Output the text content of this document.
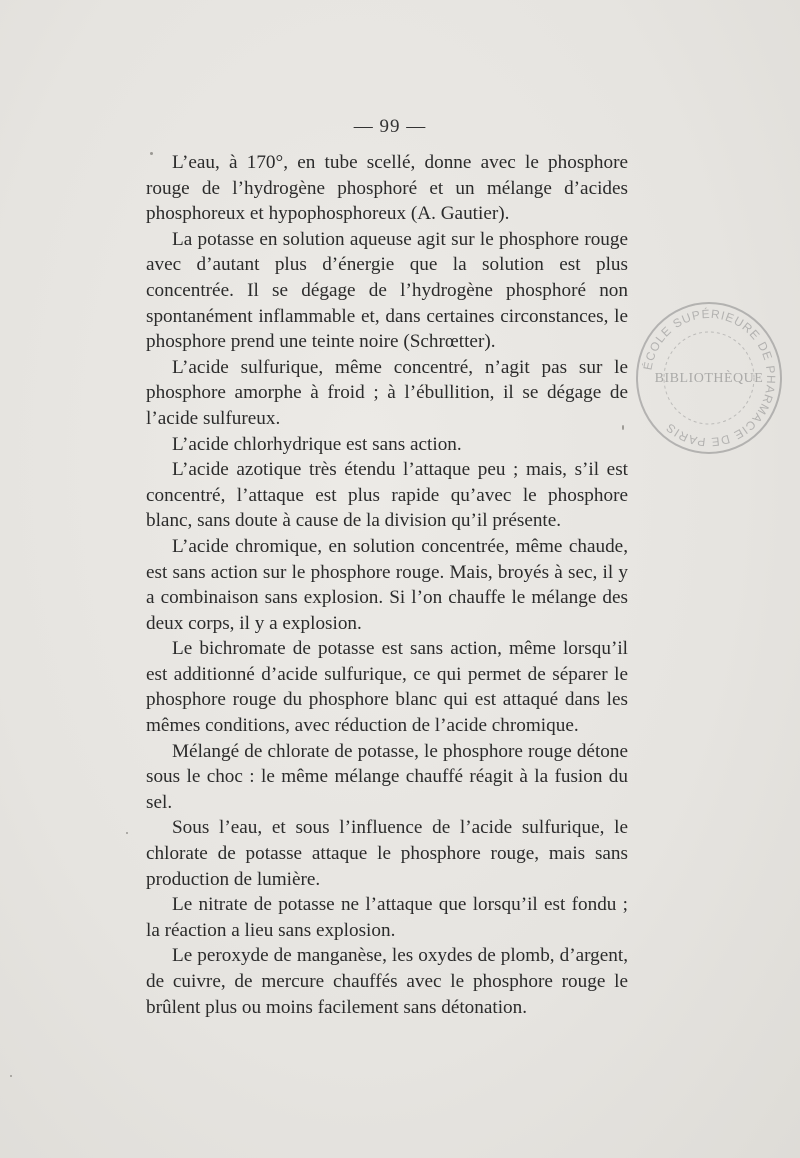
— 99 —

L’eau, à 170°, en tube scellé, donne avec le phosphore rouge de l’hydrogène phosphoré et un mélange d’acides phosphoreux et hypophosphoreux (A. Gautier).

La potasse en solution aqueuse agit sur le phosphore rouge avec d’autant plus d’énergie que la solution est plus concentrée. Il se dégage de l’hydrogène phosphoré non spontanément inflammable et, dans certaines circonstances, le phosphore prend une teinte noire (Schrœtter).

L’acide sulfurique, même concentré, n’agit pas sur le phosphore amorphe à froid ; à l’ébullition, il se dégage de l’acide sulfureux.

L’acide chlorhydrique est sans action.

L’acide azotique très étendu l’attaque peu ; mais, s’il est concentré, l’attaque est plus rapide qu’avec le phosphore blanc, sans doute à cause de la division qu’il présente.

L’acide chromique, en solution concentrée, même chaude, est sans action sur le phosphore rouge. Mais, broyés à sec, il y a combinaison sans explosion. Si l’on chauffe le mélange des deux corps, il y a explosion.

Le bichromate de potasse est sans action, même lorsqu’il est additionné d’acide sulfurique, ce qui permet de séparer le phosphore rouge du phosphore blanc qui est attaqué dans les mêmes conditions, avec réduction de l’acide chromique.

Mélangé de chlorate de potasse, le phosphore rouge détone sous le choc : le même mélange chauffé réagit à la fusion du sel.

Sous l’eau, et sous l’influence de l’acide sulfurique, le chlorate de potasse attaque le phosphore rouge, mais sans production de lumière.

Le nitrate de potasse ne l’attaque que lorsqu’il est fondu ; la réaction a lieu sans explosion.

Le peroxyde de manganèse, les oxydes de plomb, d’argent, de cuivre, de mercure chauffés avec le phosphore rouge le brûlent plus ou moins facilement sans détonation.

ÉCOLE SUPÉRIEURE DE PHARMACIE DE PARIS
BIBLIOTHÈQUE
